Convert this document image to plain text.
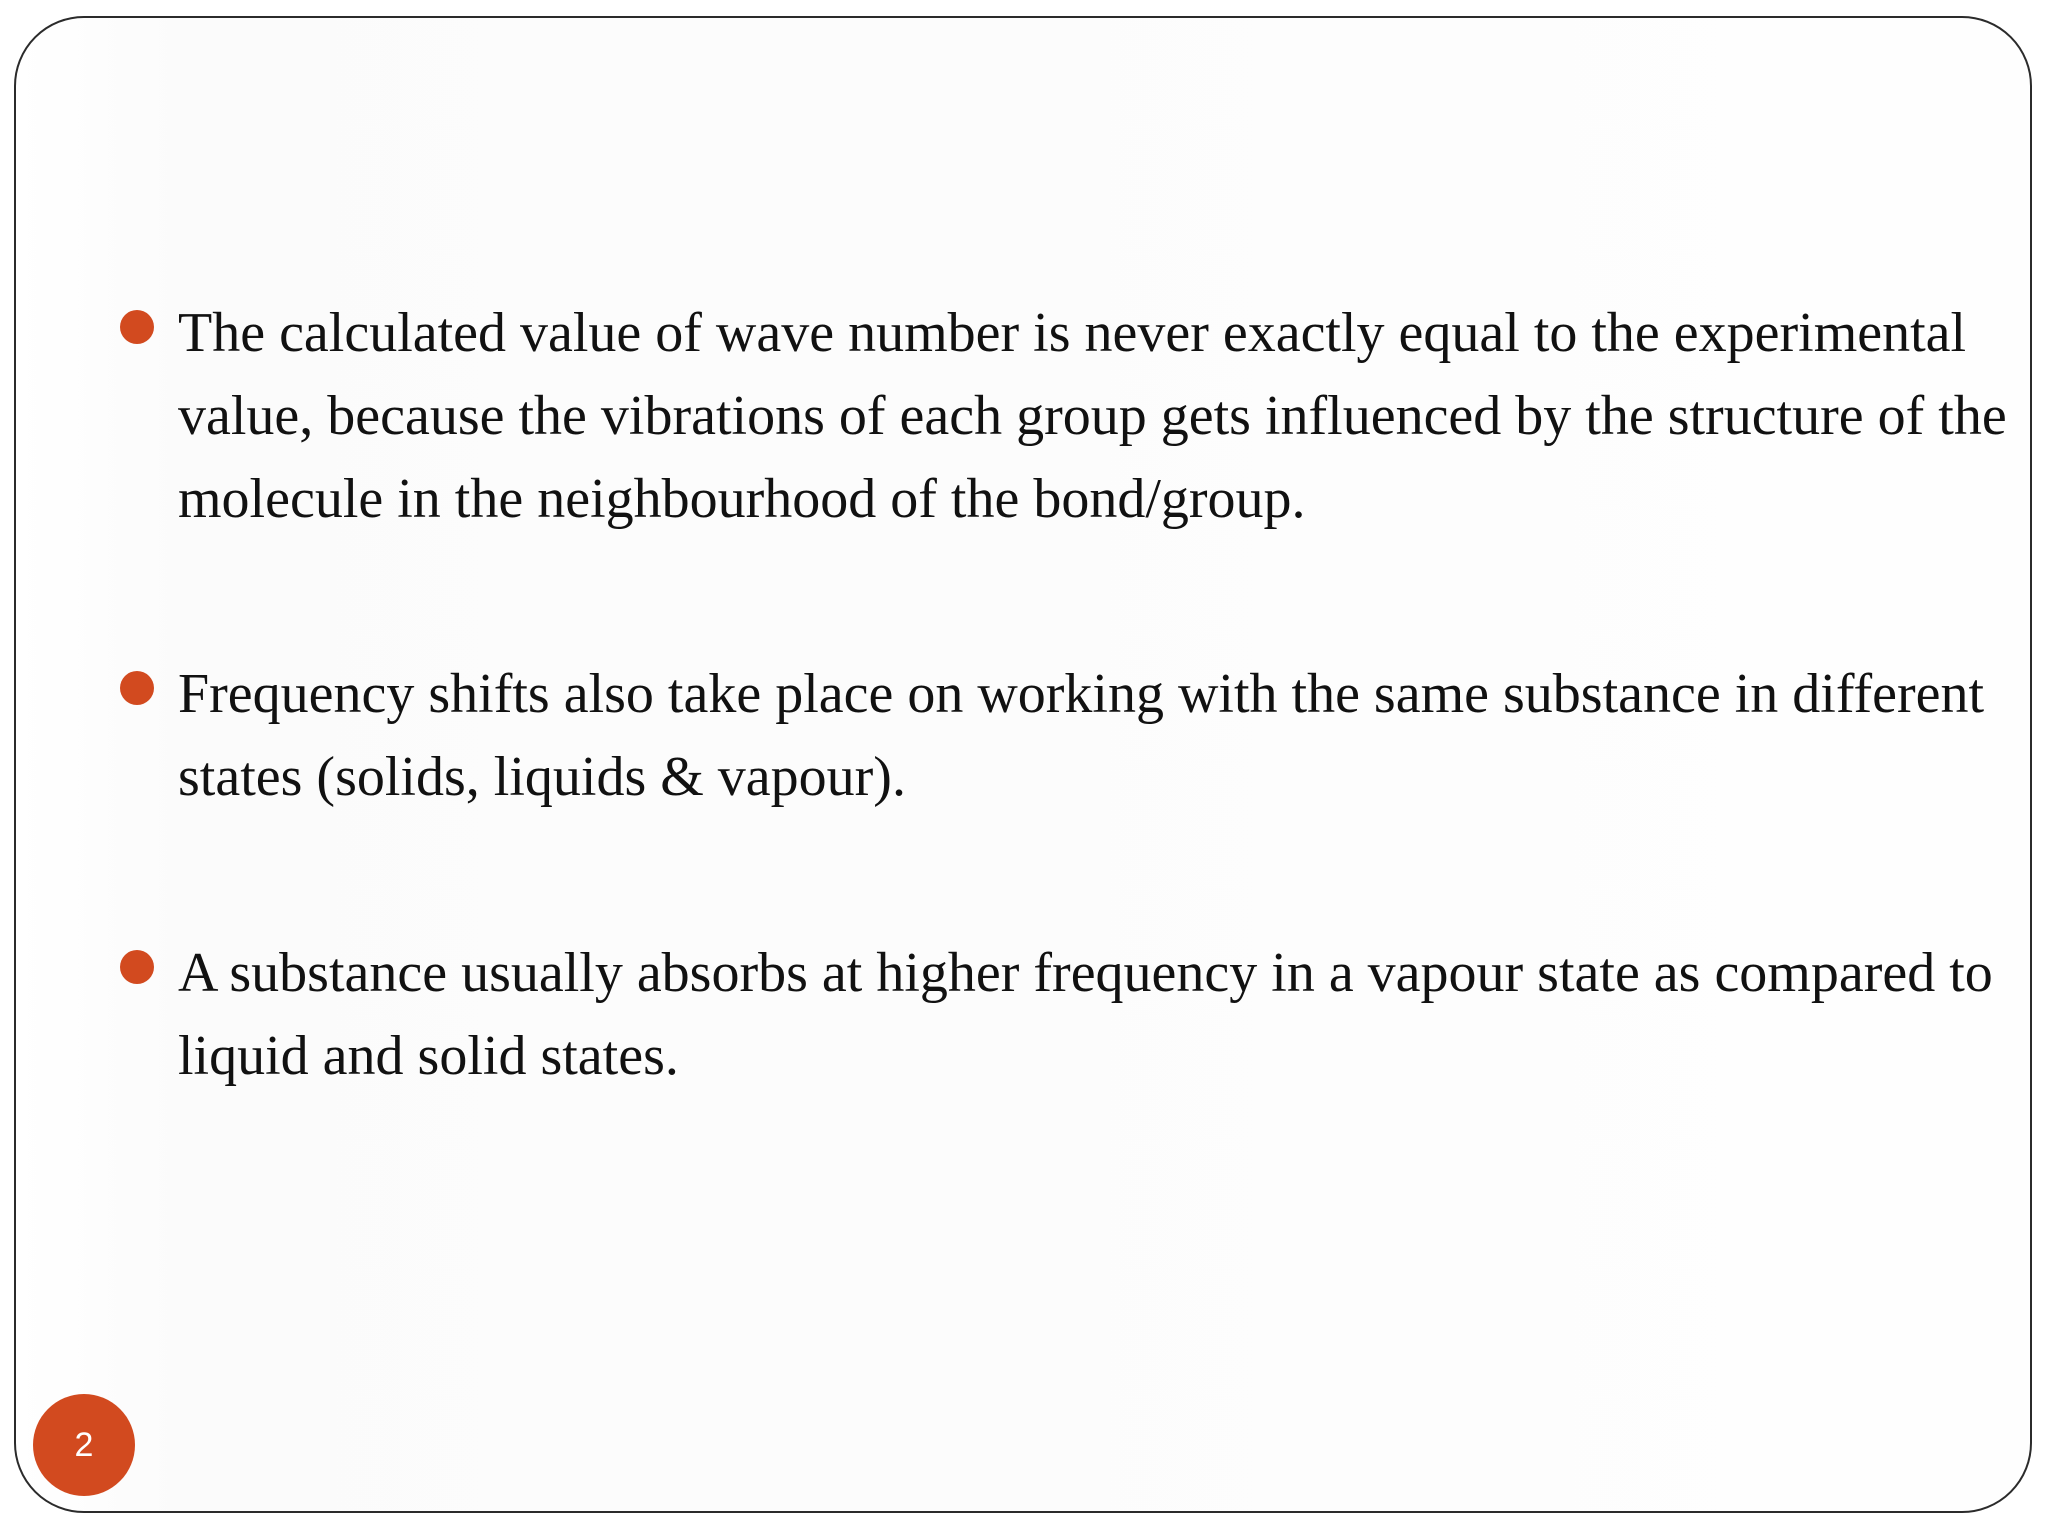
The calculated value of wave number is never exactly equal to the experimental value, because the vibrations of each group gets influenced by the structure of the molecule in the neighbourhood of the bond/group.
Frequency shifts also take place on working with the same substance in different states (solids, liquids & vapour).
A substance usually absorbs at higher frequency in a vapour state as compared to liquid and solid states.
2
